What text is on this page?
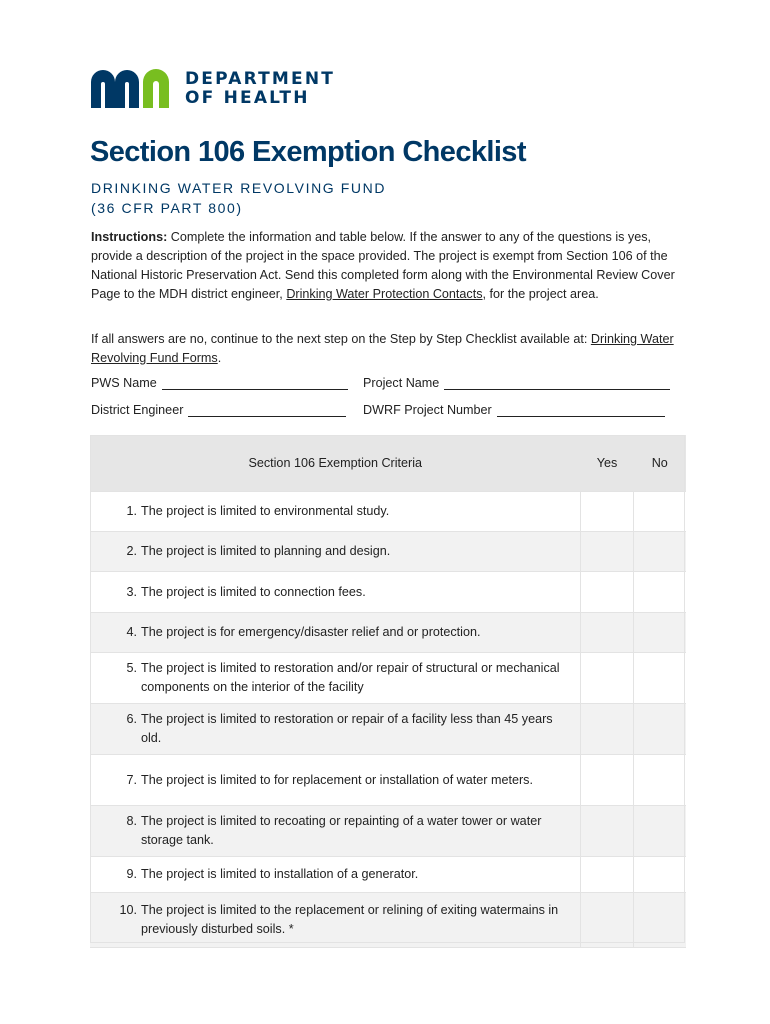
DEPARTMENT
OF HEALTH
Section 106 Exemption Checklist
DRINKING WATER REVOLVING FUND
(36 CFR PART 800)
Instructions: Complete the information and table below. If the answer to any of the questions is yes, provide a description of the project in the space provided. The project is exempt from Section 106 of the National Historic Preservation Act. Send this completed form along with the Environmental Review Cover Page to the MDH district engineer, Drinking Water Protection Contacts, for the project area.
If all answers are no, continue to the next step on the Step by Step Checklist available at: Drinking Water Revolving Fund Forms.
PWS Name	Project Name
District Engineer	DWRF Project Number
Section 106 Exemption Criteria	Yes	No

1. The project is limited to environmental study.		

2. The project is limited to planning and design.		

3. The project is limited to connection fees.		

4. The project is for emergency/disaster relief and or protection.		

5. The project is limited to restoration and/or repair of structural or mechanical components on the interior of the facility		

6. The project is limited to restoration or repair of a facility less than 45 years old.		

7. The project is limited to for replacement or installation of water meters.		

8. The project is limited to recoating or repainting of a water tower or water storage tank.		

9. The project is limited to installation of a generator.		

10. The project is limited to the replacement or relining of exiting watermains in previously disturbed soils. *		
